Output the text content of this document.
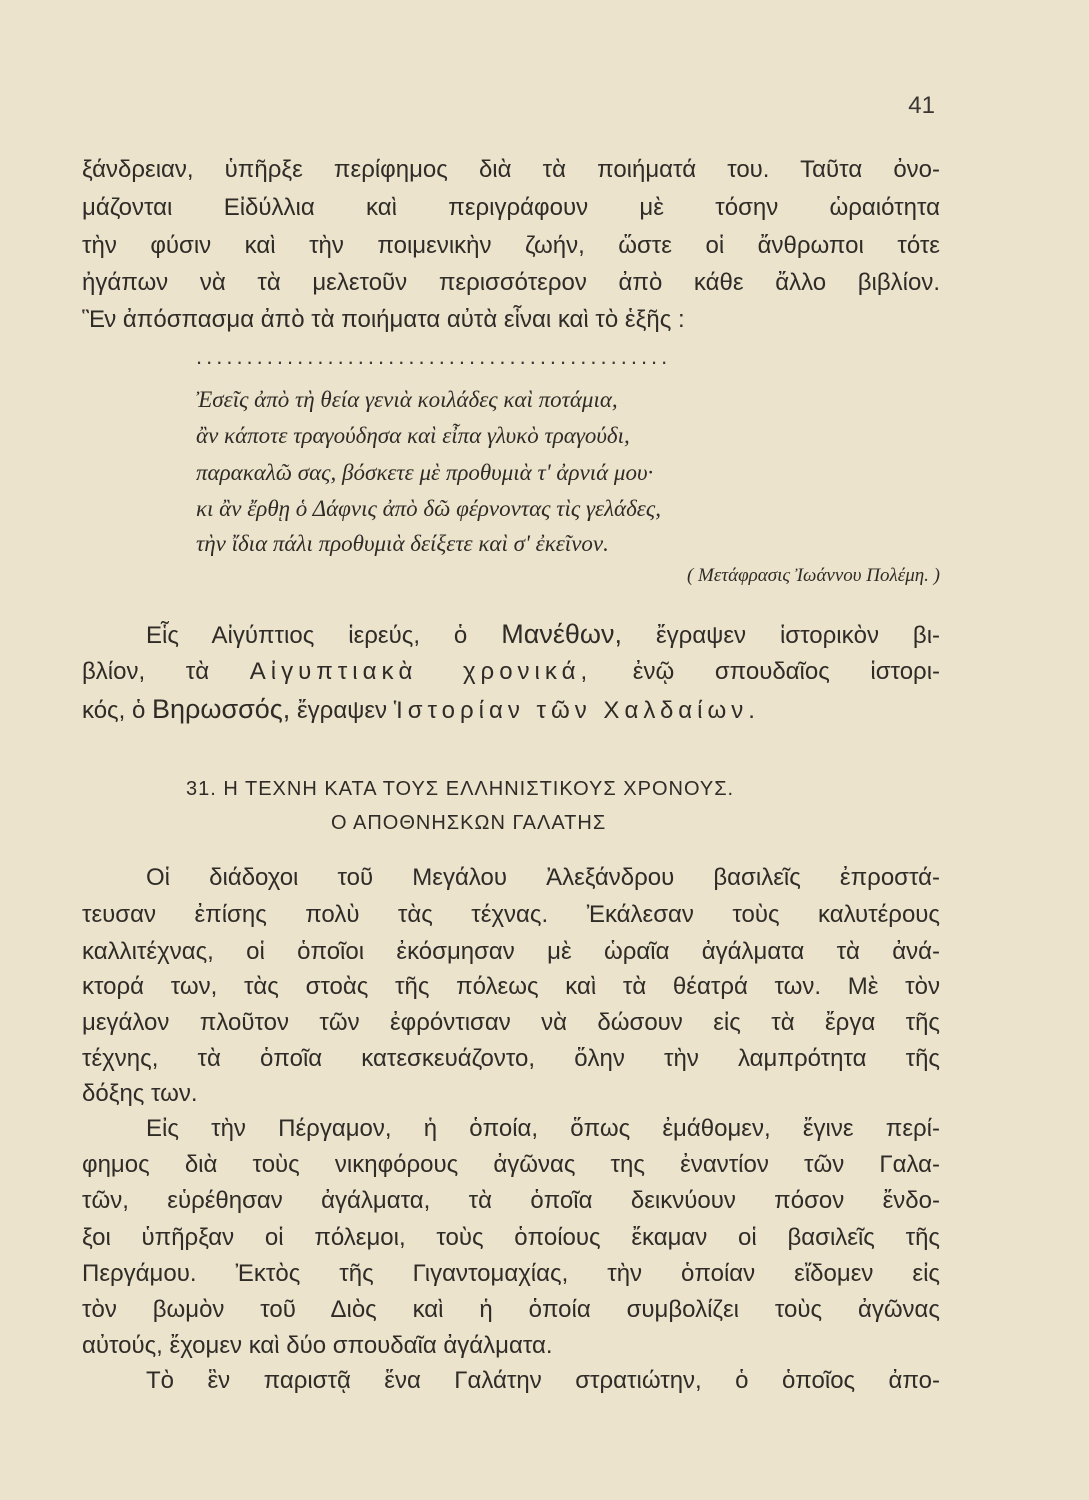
41
ξάνδρειαν, ὑπῆρξε περίφημος διὰ τὰ ποιήματά του. Ταῦτα ὀνο-
μάζονται Εἰδύλλια καὶ περιγράφουν μὲ τόσην ὡραιότητα
τὴν φύσιν καὶ τὴν ποιμενικὴν ζωήν, ὥστε οἱ ἄνθρωποι τότε
ἠγάπων νὰ τὰ μελετοῦν περισσότερον ἀπὸ κάθε ἄλλο βιβλίον.
Ἓν ἀπόσπασμα ἀπὸ τὰ ποιήματα αὐτὰ εἶναι καὶ τὸ ἑξῆς :
...............................................
Ἐσεῖς ἀπὸ τὴ θεία γενιὰ κοιλάδες καὶ ποτάμια,
ἂν κάποτε τραγούδησα καὶ εἶπα γλυκὸ τραγούδι,
παρακαλῶ σας, βόσκετε μὲ προθυμιὰ τ' ἀρνιά μου·
κι ἂν ἔρθῃ ὁ Δάφνις ἀπὸ δῶ φέρνοντας τὶς γελάδες,
τὴν ἴδια πάλι προθυμιὰ δείξετε καὶ σ' ἐκεῖνον.
( Μετάφρασις Ἰωάννου Πολέμη. )
Εἷς Αἰγύπτιος ἱερεύς, ὁ Μανέθων, ἔγραψεν ἱστορικὸν βι-
βλίον, τὰ Αἰγυπτιακὰ χρονικά, ἐνῷ σπουδαῖος ἱστορι-
κός, ὁ Βηρωσσός, ἔγραψεν Ἱστορίαν τῶν Χαλδαίων.
31. Η ΤΕΧΝΗ ΚΑΤΑ ΤΟΥΣ ΕΛΛΗΝΙΣΤΙΚΟΥΣ ΧΡΟΝΟΥΣ.
Ο ΑΠΟΘΝΗΣΚΩΝ ΓΑΛΑΤΗΣ
Οἱ διάδοχοι τοῦ Μεγάλου Ἀλεξάνδρου βασιλεῖς ἐπροστά-
τευσαν ἐπίσης πολὺ τὰς τέχνας. Ἐκάλεσαν τοὺς καλυτέρους
καλλιτέχνας, οἱ ὁποῖοι ἐκόσμησαν μὲ ὡραῖα ἀγάλματα τὰ ἀνά-
κτορά των, τὰς στοὰς τῆς πόλεως καὶ τὰ θέατρά των. Μὲ τὸν
μεγάλον πλοῦτον τῶν ἐφρόντισαν νὰ δώσουν εἰς τὰ ἔργα τῆς
τέχνης, τὰ ὁποῖα κατεσκευάζοντο, ὅλην τὴν λαμπρότητα τῆς
δόξης των.
Εἰς τὴν Πέργαμον, ἡ ὁποία, ὅπως ἐμάθομεν, ἔγινε περί-
φημος διὰ τοὺς νικηφόρους ἀγῶνας της ἐναντίον τῶν Γαλα-
τῶν, εὑρέθησαν ἀγάλματα, τὰ ὁποῖα δεικνύουν πόσον ἔνδο-
ξοι ὑπῆρξαν οἱ πόλεμοι, τοὺς ὁποίους ἔκαμαν οἱ βασιλεῖς τῆς
Περγάμου. Ἐκτὸς τῆς Γιγαντομαχίας, τὴν ὁποίαν εἴδομεν εἰς
τὸν βωμὸν τοῦ Διὸς καὶ ἡ ὁποία συμβολίζει τοὺς ἀγῶνας
αὐτούς, ἔχομεν καὶ δύο σπουδαῖα ἀγάλματα.
Τὸ ἓν παριστᾷ ἕνα Γαλάτην στρατιώτην, ὁ ὁποῖος ἀπο-
